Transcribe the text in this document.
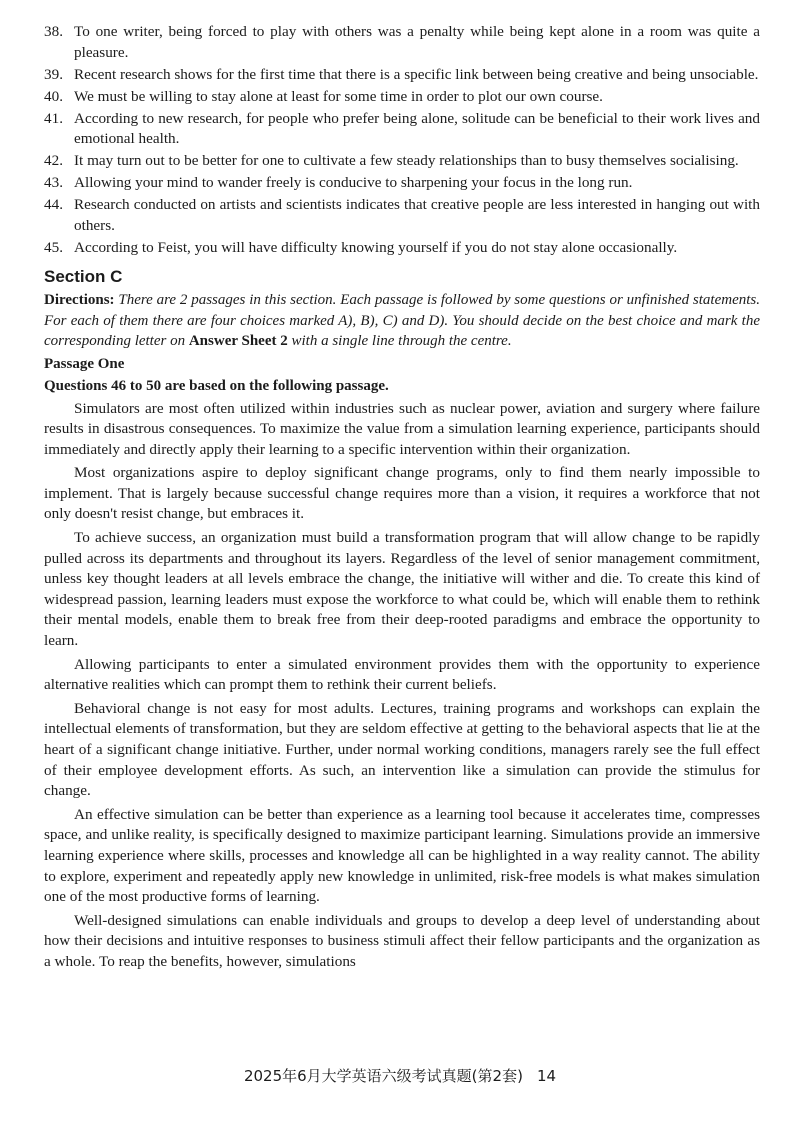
38. To one writer, being forced to play with others was a penalty while being kept alone in a room was quite a pleasure.
39. Recent research shows for the first time that there is a specific link between being creative and being unsociable.
40. We must be willing to stay alone at least for some time in order to plot our own course.
41. According to new research, for people who prefer being alone, solitude can be beneficial to their work lives and emotional health.
42. It may turn out to be better for one to cultivate a few steady relationships than to busy themselves socialising.
43. Allowing your mind to wander freely is conducive to sharpening your focus in the long run.
44. Research conducted on artists and scientists indicates that creative people are less interested in hanging out with others.
45. According to Feist, you will have difficulty knowing yourself if you do not stay alone occasionally.
Section C

Directions: There are 2 passages in this section. Each passage is followed by some questions or unfinished statements. For each of them there are four choices marked A), B), C) and D). You should decide on the best choice and mark the corresponding letter on Answer Sheet 2 with a single line through the centre.

Passage One
Questions 46 to 50 are based on the following passage.

Simulators are most often utilized within industries such as nuclear power, aviation and surgery where failure results in disastrous consequences. To maximize the value from a simulation learning experience, participants should immediately and directly apply their learning to a specific intervention within their organization.

Most organizations aspire to deploy significant change programs, only to find them nearly impossible to implement. That is largely because successful change requires more than a vision, it requires a workforce that not only doesn't resist change, but embraces it.

To achieve success, an organization must build a transformation program that will allow change to be rapidly pulled across its departments and throughout its layers. Regardless of the level of senior management commitment, unless key thought leaders at all levels embrace the change, the initiative will wither and die. To create this kind of widespread passion, learning leaders must expose the workforce to what could be, which will enable them to rethink their mental models, enable them to break free from their deep-rooted paradigms and embrace the opportunity to learn.

Allowing participants to enter a simulated environment provides them with the opportunity to experience alternative realities which can prompt them to rethink their current beliefs.

Behavioral change is not easy for most adults. Lectures, training programs and workshops can explain the intellectual elements of transformation, but they are seldom effective at getting to the behavioral aspects that lie at the heart of a significant change initiative. Further, under normal working conditions, managers rarely see the full effect of their employee development efforts. As such, an intervention like a simulation can provide the stimulus for change.

An effective simulation can be better than experience as a learning tool because it accelerates time, compresses space, and unlike reality, is specifically designed to maximize participant learning. Simulations provide an immersive learning experience where skills, processes and knowledge all can be highlighted in a way reality cannot. The ability to explore, experiment and repeatedly apply new knowledge in unlimited, risk-free models is what makes simulation one of the most productive forms of learning.

Well-designed simulations can enable individuals and groups to develop a deep level of understanding about how their decisions and intuitive responses to business stimuli affect their fellow participants and the organization as a whole. To reap the benefits, however, simulations

2025年6月大学英语六级考试真题(第2套) 14
